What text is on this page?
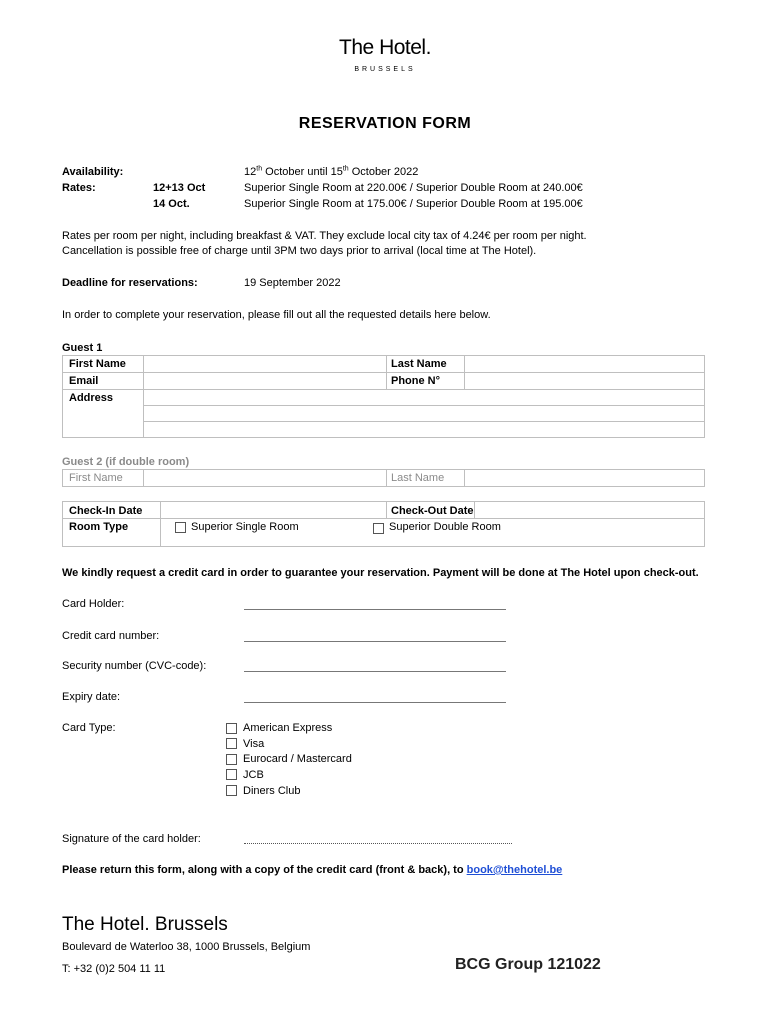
The Hotel.
BRUSSELS
RESERVATION FORM
Availability:	12th October until 15th October 2022
Rates:	12+13 Oct	Superior Single Room at 220.00€ / Superior Double Room at 240.00€
14 Oct.	Superior Single Room at 175.00€ / Superior Double Room at 195.00€
Rates per room per night, including breakfast & VAT. They exclude local city tax of 4.24€ per room per night.
Cancellation is possible free of charge until 3PM two days prior to arrival (local time at The Hotel).
Deadline for reservations:	19 September 2022
In order to complete your reservation, please fill out all the requested details here below.
Guest 1
First Name	Last Name
Email	Phone N°
Address
Guest 2 (if double room)
First Name	Last Name
Check-In Date	Check-Out Date
Room Type	Superior Single Room	Superior Double Room
We kindly request a credit card in order to guarantee your reservation. Payment will be done at The Hotel upon check-out.
Card Holder:
Credit card number:
Security number (CVC-code):
Expiry date:
Card Type:	American Express
Visa
Eurocard / Mastercard
JCB
Diners Club
Signature of the card holder:
Please return this form, along with a copy of the credit card (front & back), to book@thehotel.be
The Hotel. Brussels
Boulevard de Waterloo 38, 1000 Brussels, Belgium
T: +32 (0)2 504 11 11	BCG Group 121022
